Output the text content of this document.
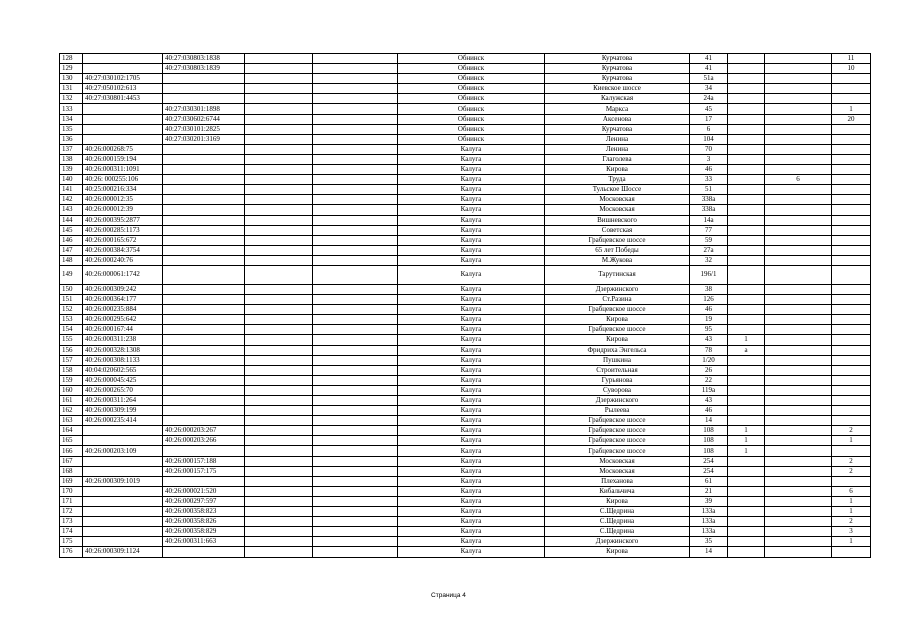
128		40:27:030803:1838			Обнинск	Курчатова	41			11
129		40:27:030803:1839			Обнинск	Курчатова	41			10
130	40:27:030102:1705				Обнинск	Курчатова	51а			
131	40:27:050102:613				Обнинск	Киевское шоссе	34			
132	40:27:030801:4453				Обнинск	Калужская	24а			
133		40:27:030301:1898			Обнинск	Маркса	45			1
134		40:27:030602:6744			Обнинск	Аксенова	17			20
135		40:27:030101:2825			Обнинск	Курчатова	6			
136		40:27:030201:3169			Обнинск	Ленина	104			
137	40:26:000268:75				Калуга	Ленина	70			
138	40:26:000159:194				Калуга	Глаголева	3			
139	40:26:000311:1091				Калуга	Кирова	46			
140	40:26: 000255:106				Калуга	Труда	33		6	
141	40:25:000216:334				Калуга	Тульское Шоссе	51			
142	40:26:000012:35				Калуга	Московская	338а			
143	40:26:000012:39				Калуга	Московская	338а			
144	40:26:000395:2877				Калуга	Вишневского	14а			
145	40:26:000285:1173				Калуга	Советская	77			
146	40:26:000165:672				Калуга	Грабцевское шоссе	59			
147	40:26:000384:3754				Калуга	65 лет Победы	27а			
148	40:26:000240:76				Калуга	М.Жукова	32			
149	40:26:000061:1742				Калуга	Тарутинская	196/1			
150	40:26:000309:242				Калуга	Дзержинского	38			
151	40:26:000364:177				Калуга	Ст.Разина	126			
152	40:26:000235:884				Калуга	Грабцевское шоссе	46			
153	40:26:000295:642				Калуга	Кирова	19			
154	40:26:000167:44				Калуга	Грабцевское шоссе	95			
155	40:26:000311:238				Калуга	Кирова	43	1		
156	40:26:000328:1308				Калуга	Фридриха Энгельса	78	а		
157	40:26:000308:1133				Калуга	Пушкина	1/20			
158	40:04:020602:565				Калуга	Строительная	26			
159	40:26:000045:425				Калуга	Гурьянова	22			
160	40:26:000265:70				Калуга	Суворова	119а			
161	40:26:000311:264				Калуга	Дзержинского	43			
162	40:26:000309:199				Калуга	Рылеева	46			
163	40:26:000235:414				Калуга	Грабцевское шоссе	14			
164		40:26:000203:267			Калуга	Грабцевское шоссе	108	1		2
165		40:26:000203:266			Калуга	Грабцевское шоссе	108	1		1
166	40:26:000203:109				Калуга	Грабцевское шоссе	108	1		
167		40:26:000157:188			Калуга	Московская	254			2
168		40:26:000157:175			Калуга	Московская	254			2
169	40:26:000309:1019				Калуга	Плеханова	61			
170		40:26:000021:520			Калуга	Кибальчича	21			6
171		40:26:000297:597			Калуга	Кирова	39			1
172		40:26:000358:823			Калуга	С.Щедрина	133а			1
173		40:26:000358:826			Калуга	С.Щедрина	133а			2
174		40:26:000358:829			Калуга	С.Щедрина	133а			3
175		40:26:000311:663			Калуга	Дзержинского	35			1
176	40:26:000309:1124				Калуга	Кирова	14			
Страница 4
